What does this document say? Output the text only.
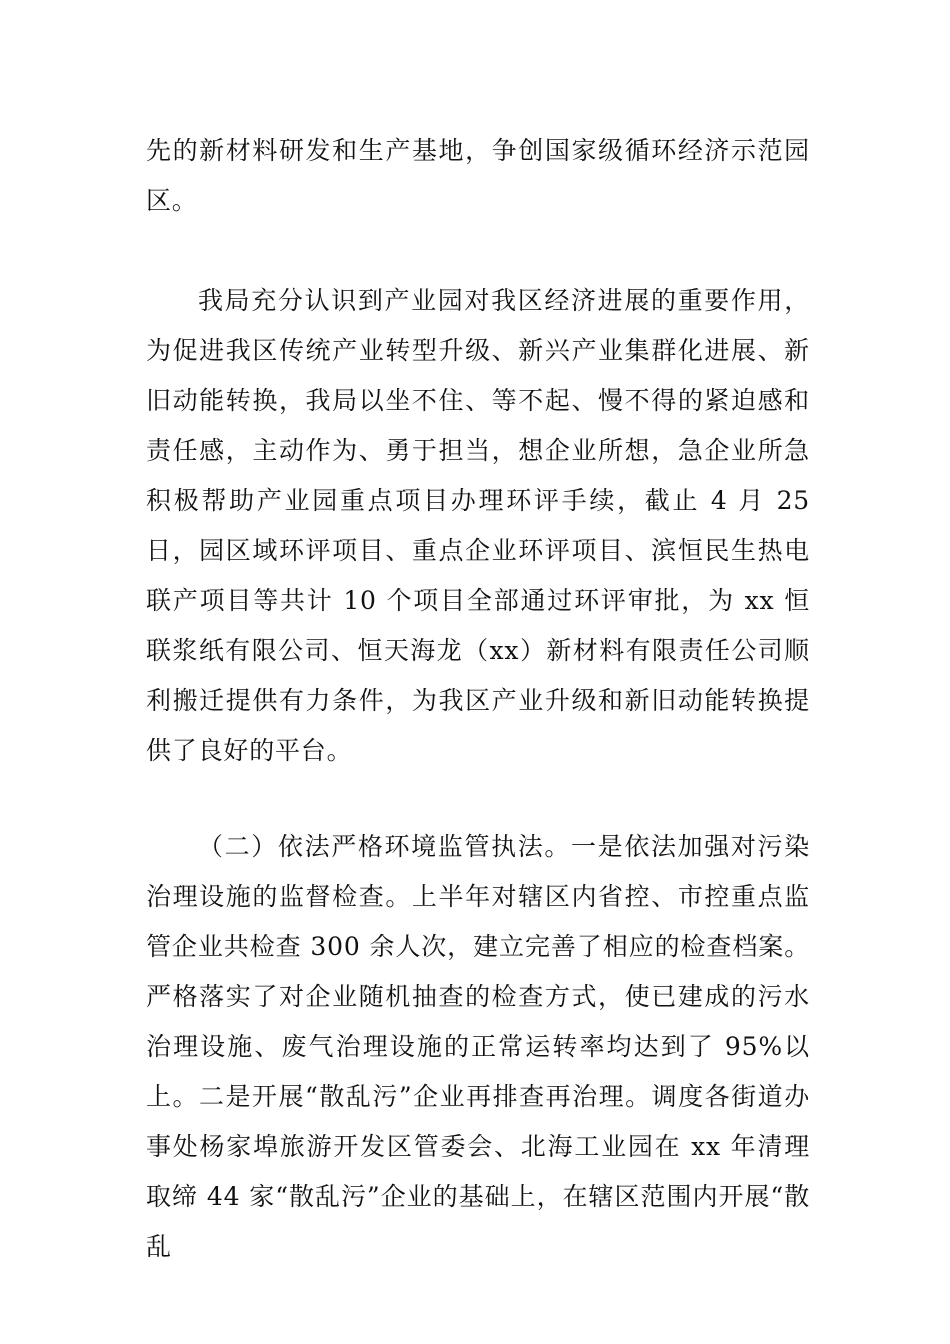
先的新材料研发和生产基地，争创国家级循环经济示范园区。

我局充分认识到产业园对我区经济进展的重要作用，为促进我区传统产业转型升级、新兴产业集群化进展、新旧动能转换，我局以坐不住、等不起、慢不得的紧迫感和责任感，主动作为、勇于担当，想企业所想，急企业所急积极帮助产业园重点项目办理环评手续，截止 4 月 25 日，园区域环评项目、重点企业环评项目、滨恒民生热电联产项目等共计 10 个项目全部通过环评审批，为 xx 恒联浆纸有限公司、恒天海龙（xx）新材料有限责任公司顺利搬迁提供有力条件，为我区产业升级和新旧动能转换提供了良好的平台。

（二）依法严格环境监管执法。一是依法加强对污染治理设施的监督检查。上半年对辖区内省控、市控重点监管企业共检查 300 余人次，建立完善了相应的检查档案。严格落实了对企业随机抽查的检查方式，使已建成的污水治理设施、废气治理设施的正常运转率均达到了 95%以上。二是开展“散乱污”企业再排查再治理。调度各街道办事处杨家埠旅游开发区管委会、北海工业园在 xx 年清理取缔 44 家“散乱污”企业的基础上，在辖区范围内开展“散乱
